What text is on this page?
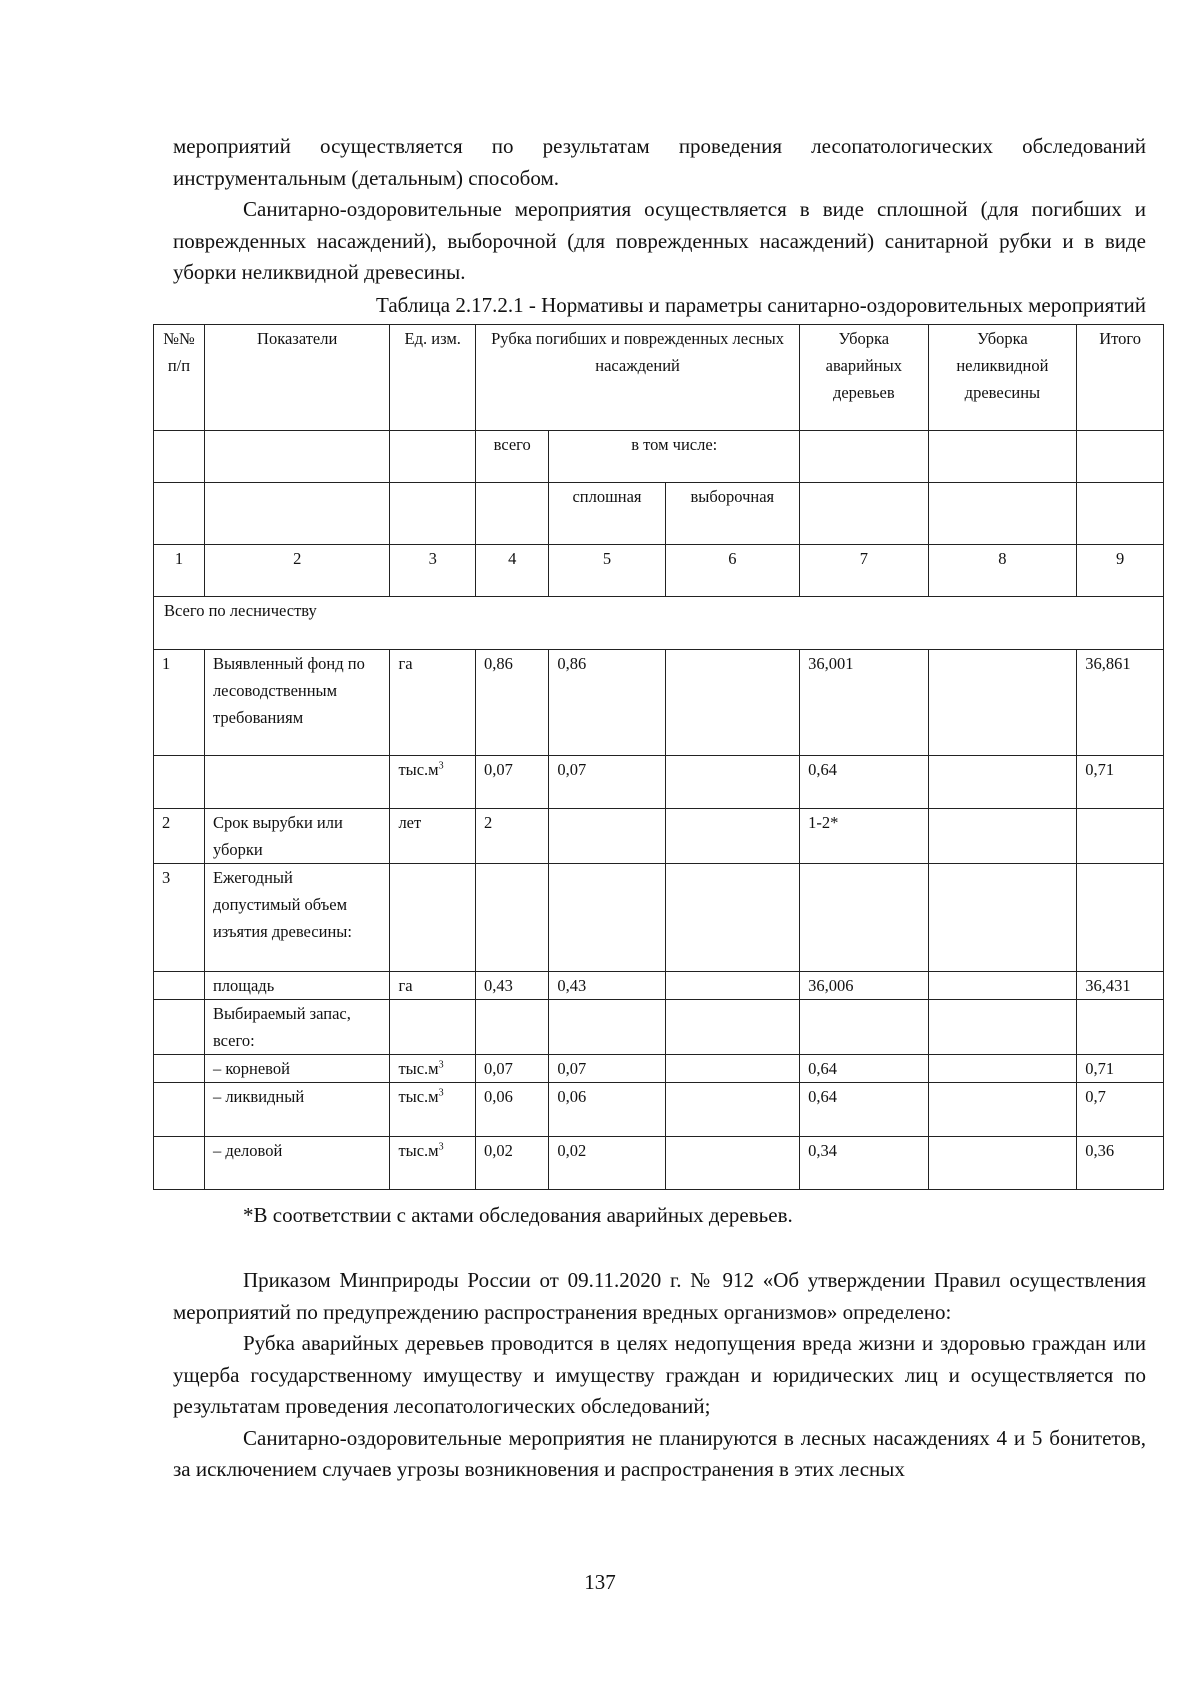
мероприятий осуществляется по результатам проведения лесопатологических обследований инструментальным (детальным) способом.

Санитарно-оздоровительные мероприятия осуществляется в виде сплошной (для погибших и поврежденных насаждений), выборочной (для поврежденных насаждений) санитарной рубки и в виде уборки неликвидной древесины.

Таблица 2.17.2.1 - Нормативы и параметры санитарно-оздоровительных мероприятий
№№ п/п	Показатели	Ед. изм.	Рубка погибших и поврежденных лесных насаждений			Уборка аварийных деревьев	Уборка неликвидной древесины	Итого
			всего	в том числе:				
				сплошная	выборочная			
1	2	3	4	5	6	7	8	9
Всего по лесничеству								
1	Выявленный фонд по лесоводственным требованиям	га	0,86	0,86		36,001		36,861
		$тыс.м^3$	0,07	0,07		0,64		0,71
2	Срок вырубки или уборки	лет	2			1-2*		
3	Ежегодный допустимый объем изъятия древесины:							
	площадь	га	0,43	0,43		36,006		36,431
	Выбираемый запас, всего:							
	– корневой	$тыс.м^3$	0,07	0,07		0,64		0,71
	– ликвидный	$тыс.м^3$	0,06	0,06		0,64		0,7
	– деловой	$тыс.м^3$	0,02	0,02		0,34		0,36
*В соответствии с актами обследования аварийных деревьев.

Приказом Минприроды России от 09.11.2020 г. № 912 «Об утверждении Правил осуществления мероприятий по предупреждению распространения вредных организмов» определено:

Рубка аварийных деревьев проводится в целях недопущения вреда жизни и здоровью граждан или ущерба государственному имуществу и имуществу граждан и юридических лиц и осуществляется по результатам проведения лесопатологических обследований;

Санитарно-оздоровительные мероприятия не планируются в лесных насаждениях 4 и 5 бонитетов, за исключением случаев угрозы возникновения и распространения в этих лесных

137
